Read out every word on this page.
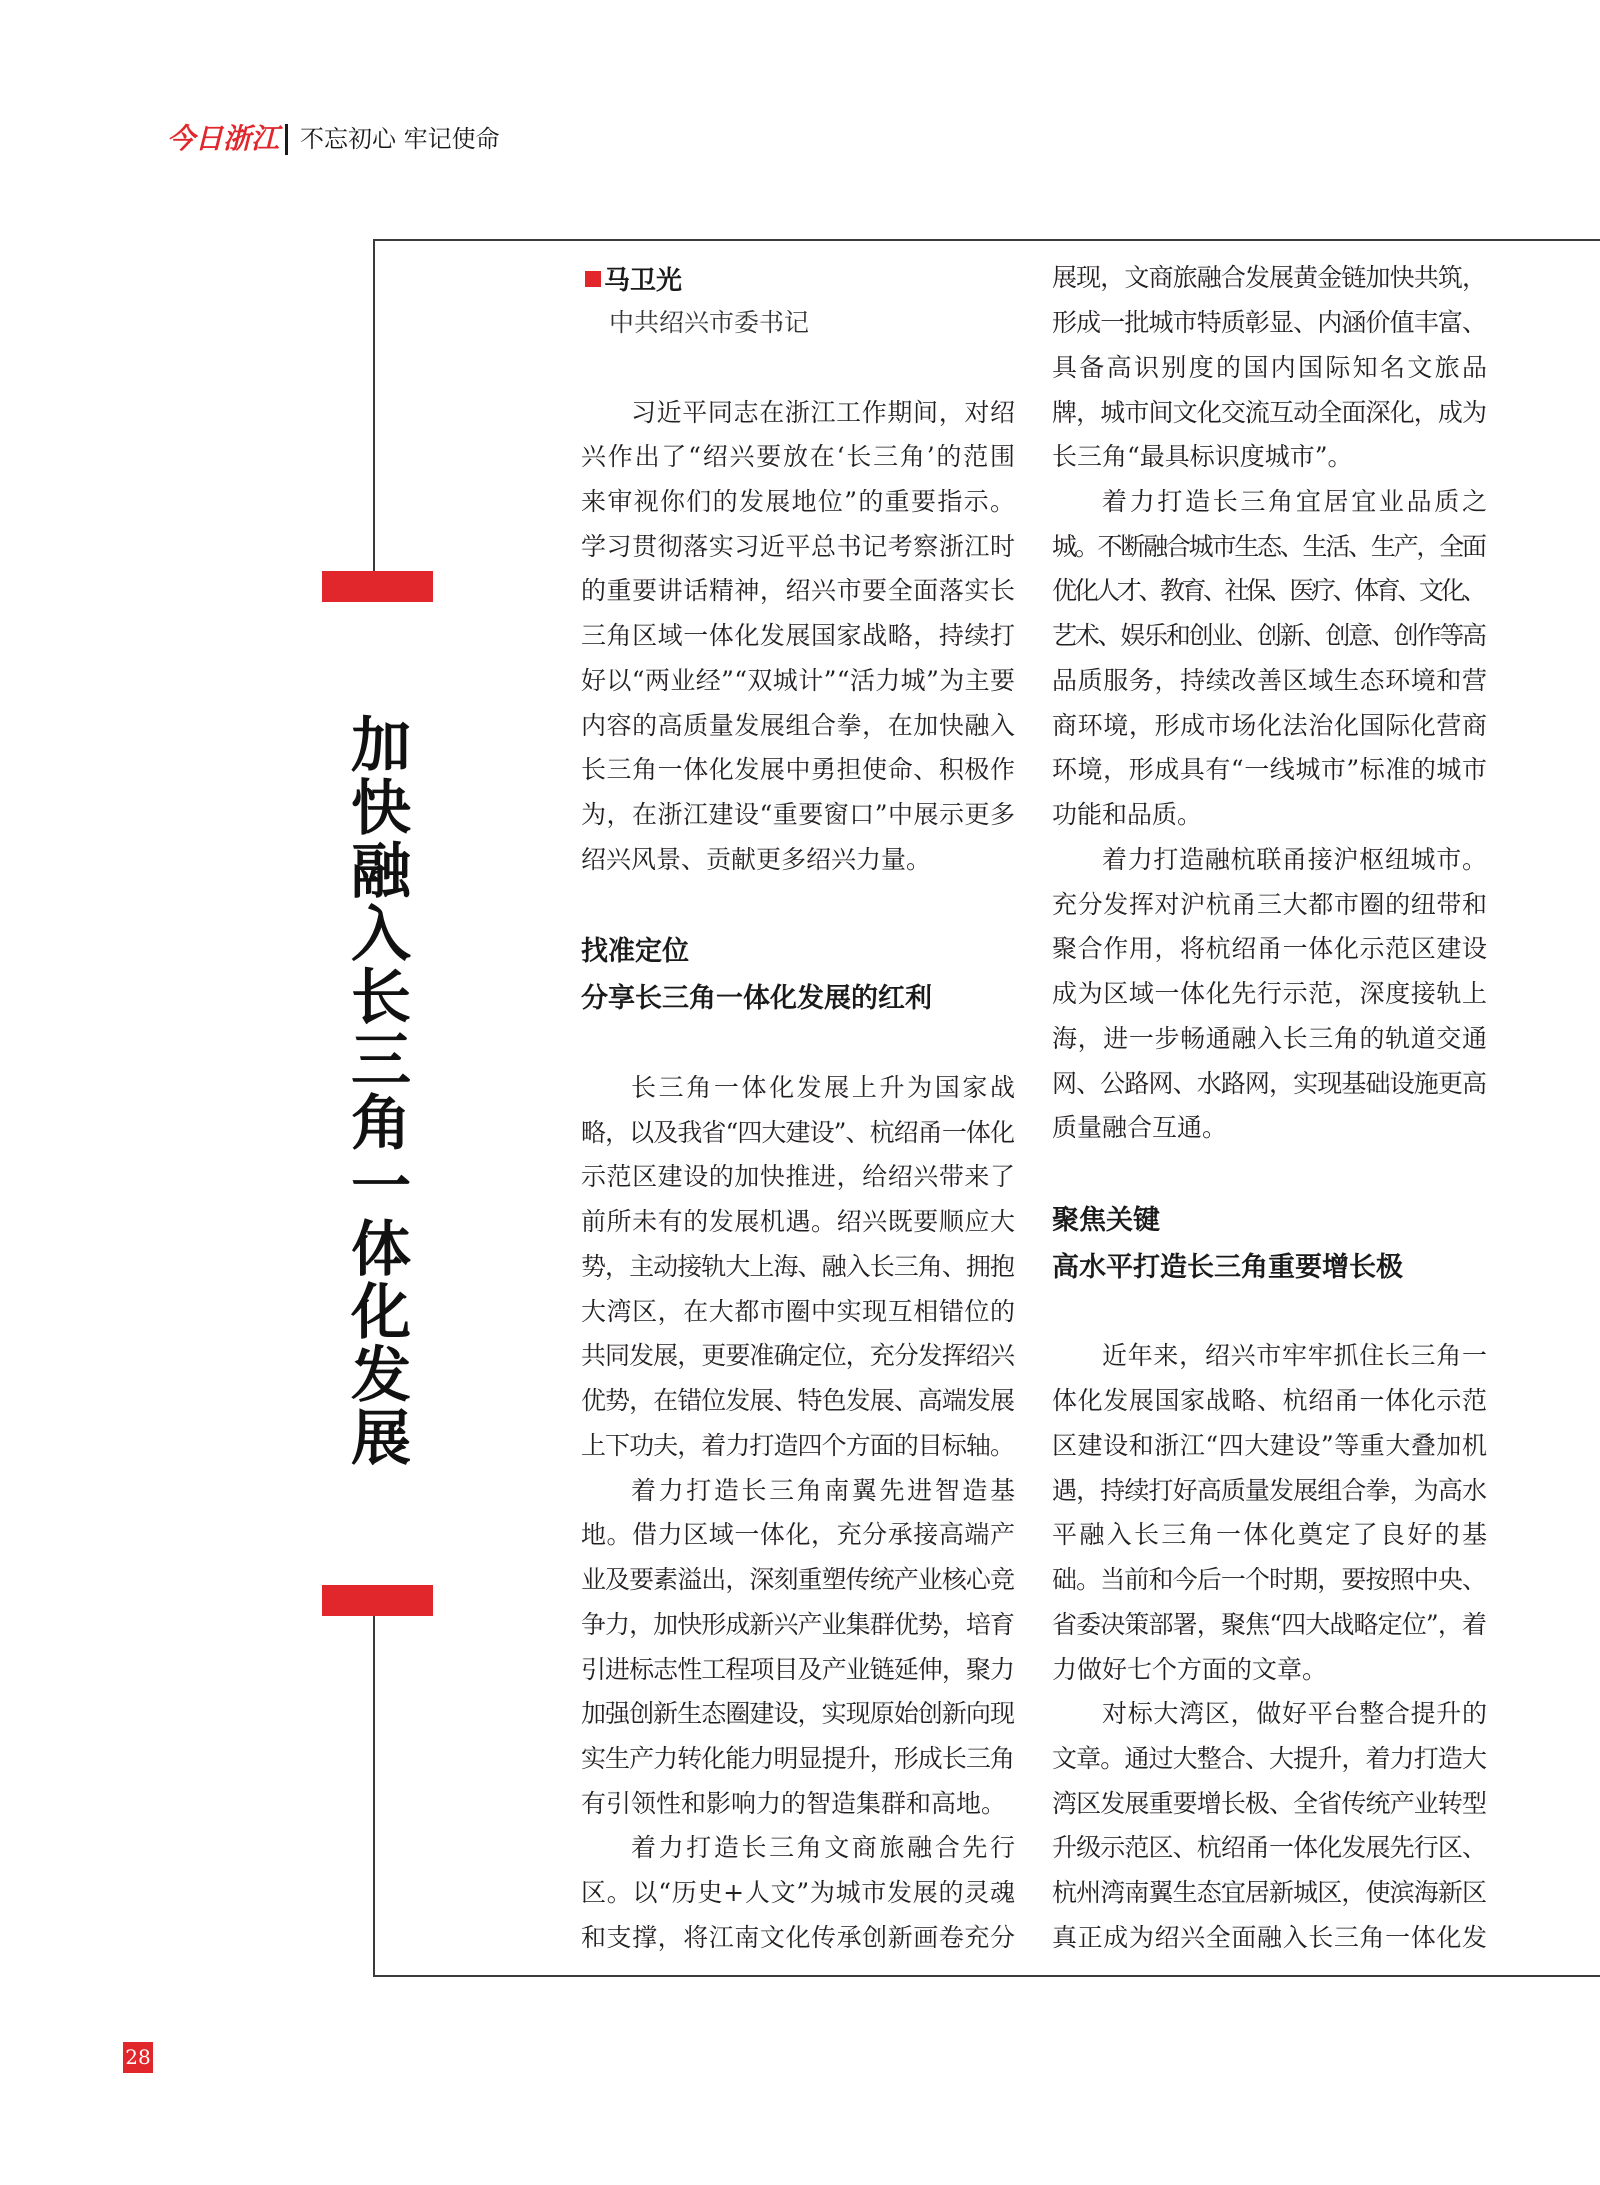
今日浙江 不忘初心 牢记使命
加快融入长三角一体化发展
马卫光
中共绍兴市委书记
习近平同志在浙江工作期间，对绍
兴作出了“绍兴要放在‘长三角’的范围
来审视你们的发展地位”的重要指示。
学习贯彻落实习近平总书记考察浙江时
的重要讲话精神，绍兴市要全面落实长
三角区域一体化发展国家战略，持续打
好以“两业经”“双城计”“活力城”为主要
内容的高质量发展组合拳，在加快融入
长三角一体化发展中勇担使命、积极作
为，在浙江建设“重要窗口”中展示更多
绍兴风景、贡献更多绍兴力量。
找准定位
分享长三角一体化发展的红利
长三角一体化发展上升为国家战
略，以及我省“四大建设”、杭绍甬一体化
示范区建设的加快推进，给绍兴带来了
前所未有的发展机遇。绍兴既要顺应大
势，主动接轨大上海、融入长三角、拥抱
大湾区，在大都市圈中实现互相错位的
共同发展，更要准确定位，充分发挥绍兴
优势，在错位发展、特色发展、高端发展
上下功夫，着力打造四个方面的目标轴。
着力打造长三角南翼先进智造基
地。借力区域一体化，充分承接高端产
业及要素溢出，深刻重塑传统产业核心竞
争力，加快形成新兴产业集群优势，培育
引进标志性工程项目及产业链延伸，聚力
加强创新生态圈建设，实现原始创新向现
实生产力转化能力明显提升，形成长三角
有引领性和影响力的智造集群和高地。
着力打造长三角文商旅融合先行
区。以“历史+人文”为城市发展的灵魂
和支撑，将江南文化传承创新画卷充分
展现，文商旅融合发展黄金链加快共筑，
形成一批城市特质彰显、内涵价值丰富、
具备高识别度的国内国际知名文旅品
牌，城市间文化交流互动全面深化，成为
长三角“最具标识度城市”。
着力打造长三角宜居宜业品质之
城。不断融合城市生态、生活、生产，全面
优化人才、教育、社保、医疗、体育、文化、
艺术、娱乐和创业、创新、创意、创作等高
品质服务，持续改善区域生态环境和营
商环境，形成市场化法治化国际化营商
环境，形成具有“一线城市”标准的城市
功能和品质。
着力打造融杭联甬接沪枢纽城市。
充分发挥对沪杭甬三大都市圈的纽带和
聚合作用，将杭绍甬一体化示范区建设
成为区域一体化先行示范，深度接轨上
海，进一步畅通融入长三角的轨道交通
网、公路网、水路网，实现基础设施更高
质量融合互通。
聚焦关键
高水平打造长三角重要增长极
近年来，绍兴市牢牢抓住长三角一
体化发展国家战略、杭绍甬一体化示范
区建设和浙江“四大建设”等重大叠加机
遇，持续打好高质量发展组合拳，为高水
平融入长三角一体化奠定了良好的基
础。当前和今后一个时期，要按照中央、
省委决策部署，聚焦“四大战略定位”，着
力做好七个方面的文章。
对标大湾区，做好平台整合提升的
文章。通过大整合、大提升，着力打造大
湾区发展重要增长极、全省传统产业转型
升级示范区、杭绍甬一体化发展先行区、
杭州湾南翼生态宜居新城区，使滨海新区
真正成为绍兴全面融入长三角一体化发
28
